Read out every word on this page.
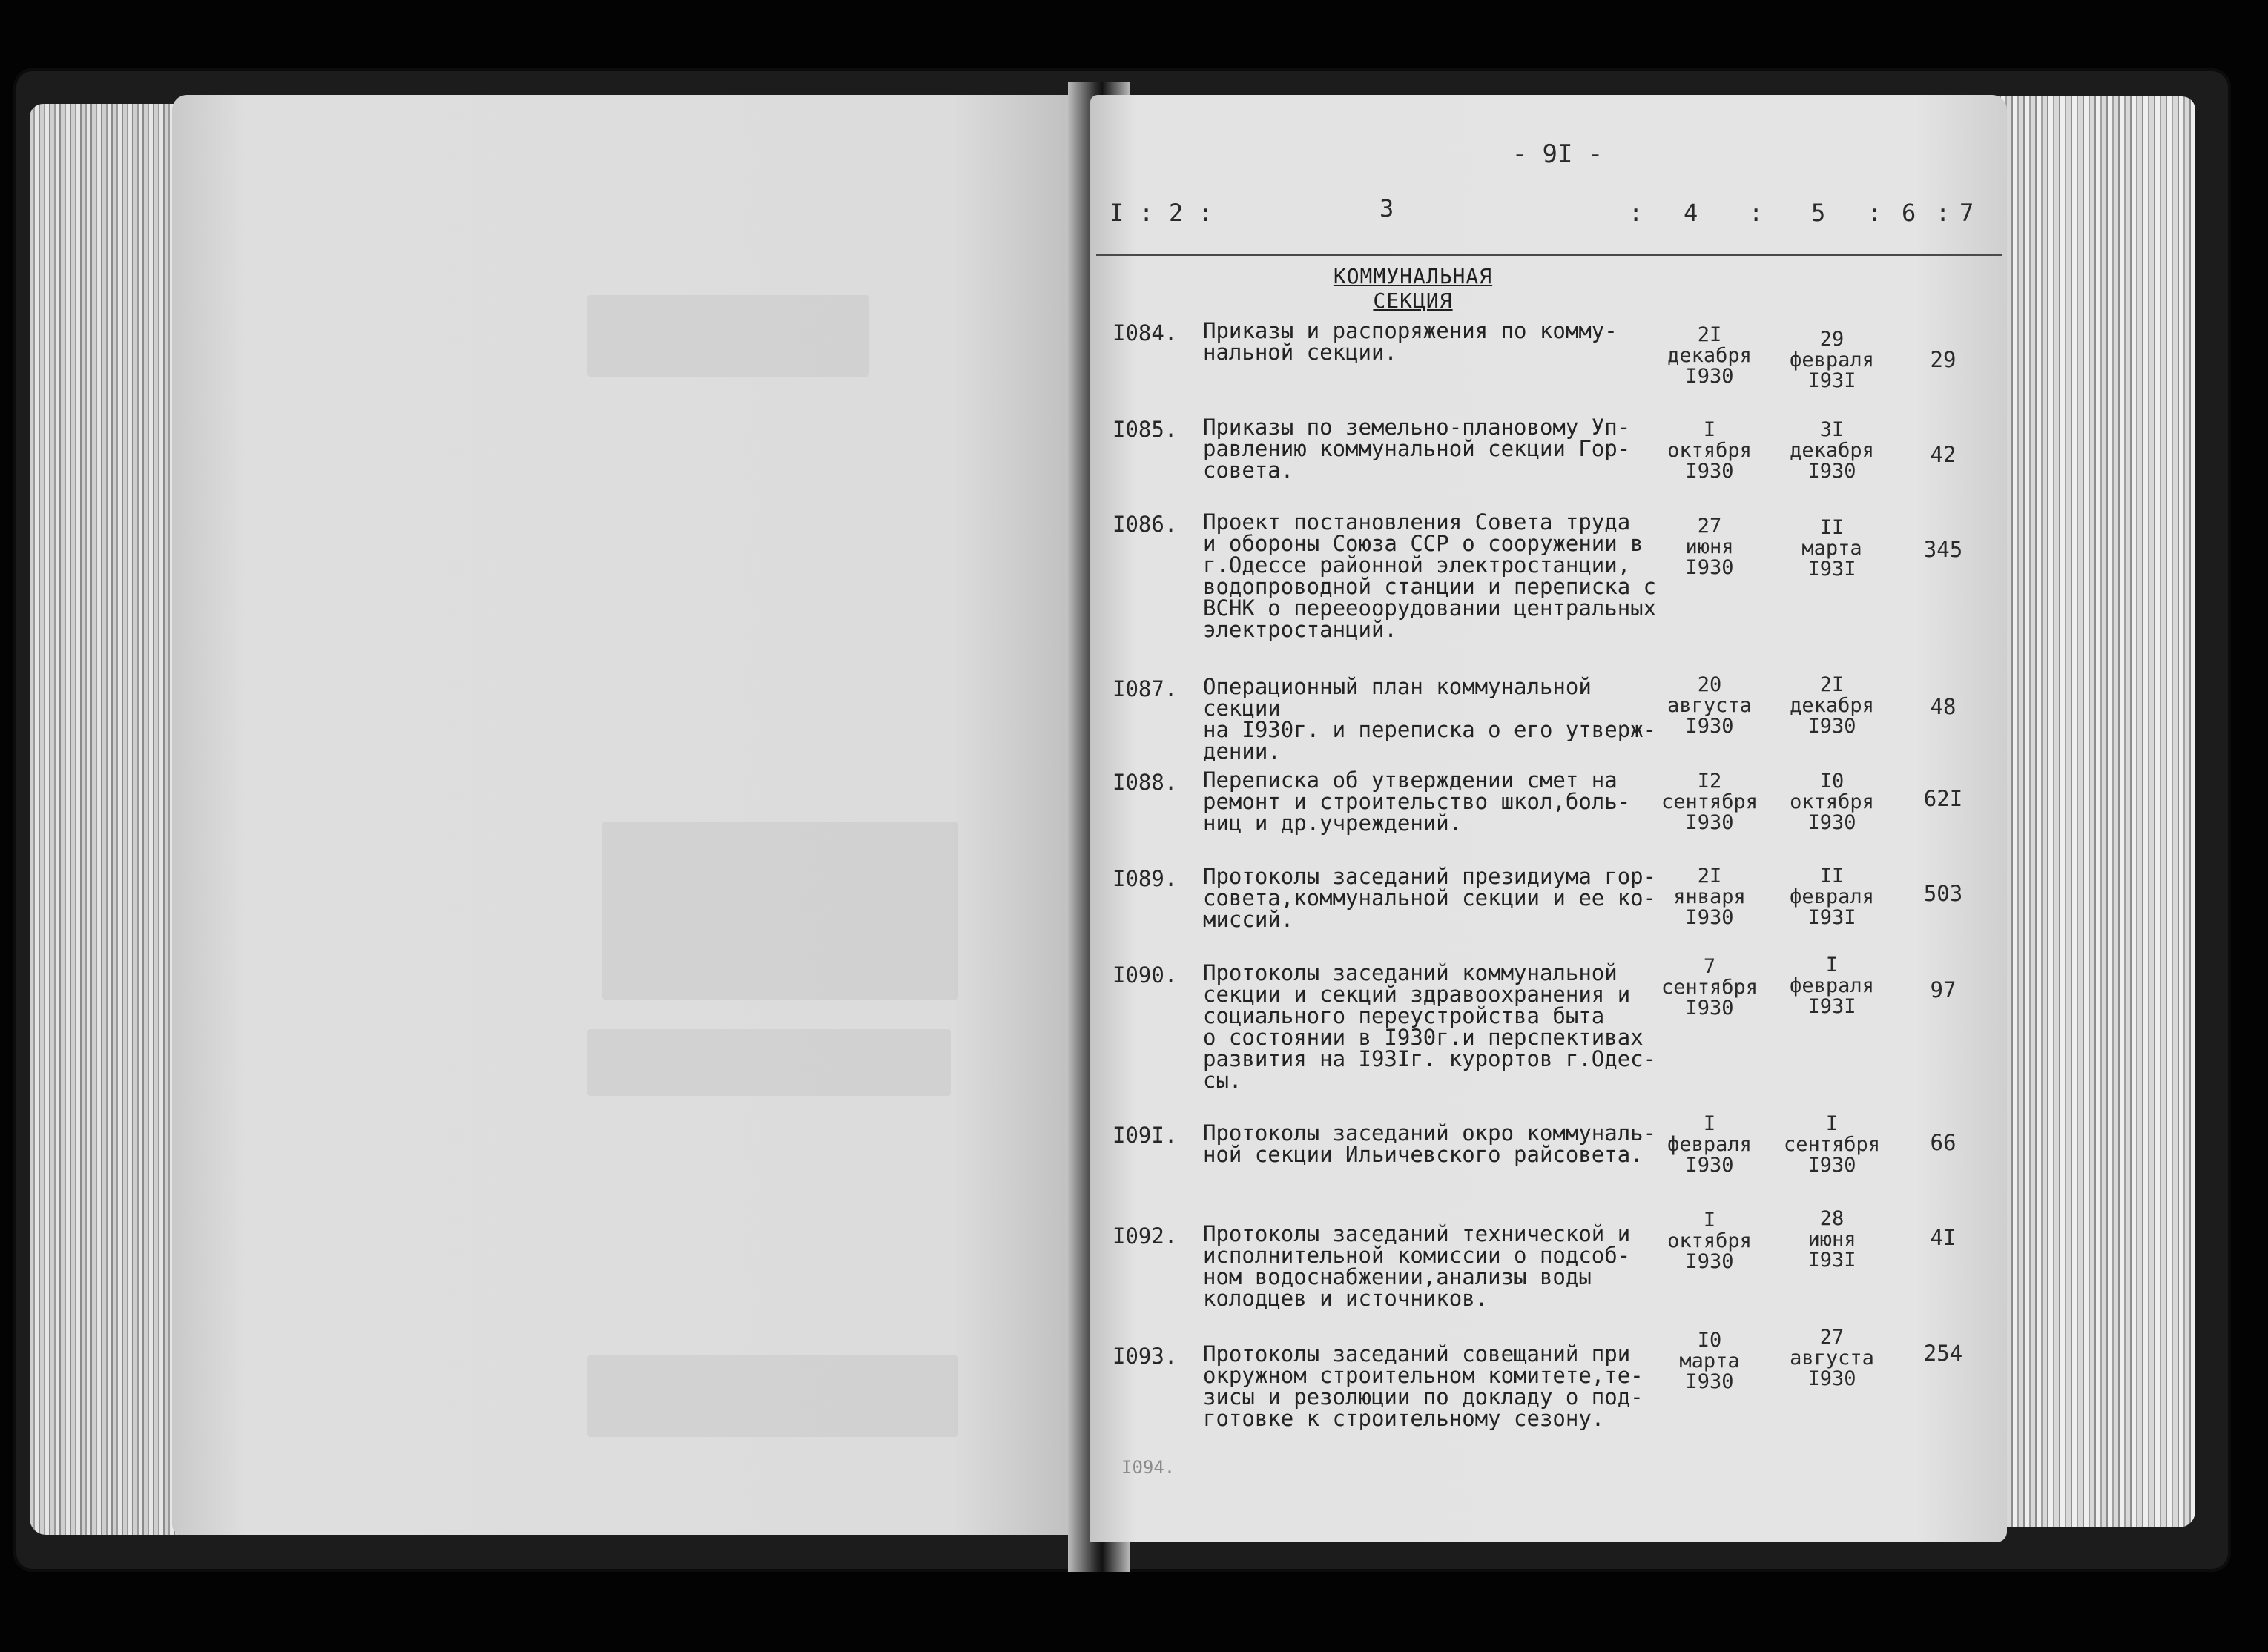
- 9I -
I : 2 :	3	: 4 : 5 : 6 : 7
КОММУНАЛЬНАЯ СЕКЦИЯ
I084. Приказы и распоряжения по комму-
нальной секции.
2I
декабря
I930
29
февраля
I93I
29
I085. Приказы по земельно-плановому Уп-
равлению коммунальной секции Гор-
совета.
I
октября
I930
3I
декабря
I930
42
I086. Проект постановления Совета труда
и обороны Союза ССР о сооружении в
г.Одессе районной электростанции,
водопроводной станции и переписка с
ВСНК о перееоорудовании центральных
электростанций.
27
июня
I930
II
марта
I93I
345
I087. Операционный план коммунальной секции
на I930г. и переписка о его утверж-
дении.
20
августа
I930
2I
декабря
I930
48
I088. Переписка об утверждении смет на
ремонт и строительство школ,боль-
ниц и др.учреждений.
I2
сентября
I930
I0
октября
I930
62I
I089. Протоколы заседаний президиума гор-
совета,коммунальной секции и ее ко-
миссий.
2I
января
I930
II
февраля
I93I
503
I090. Протоколы заседаний коммунальной
секции и секций здравоохранения и
социального переустройства быта
о состоянии в I930г.и перспективах
развития на I93Iг. курортов г.Одес-
сы.
7
сентября
I930
I
февраля
I93I
97
I09I. Протоколы заседаний окро коммуналь-
ной секции Ильичевского райсовета.
I
февраля
I930
I
сентября
I930
66
I092. Протоколы заседаний технической и
исполнительной комиссии о подсоб-
ном водоснабжении,анализы воды
колодцев и источников.
I
октября
I930
28
июня
I93I
4I
I093. Протоколы заседаний совещаний при
окружном строительном комитете,те-
зисы и резолюции по докладу о под-
готовке к строительному сезону.
I0
марта
I930
27
августа
I930
254
I094.
